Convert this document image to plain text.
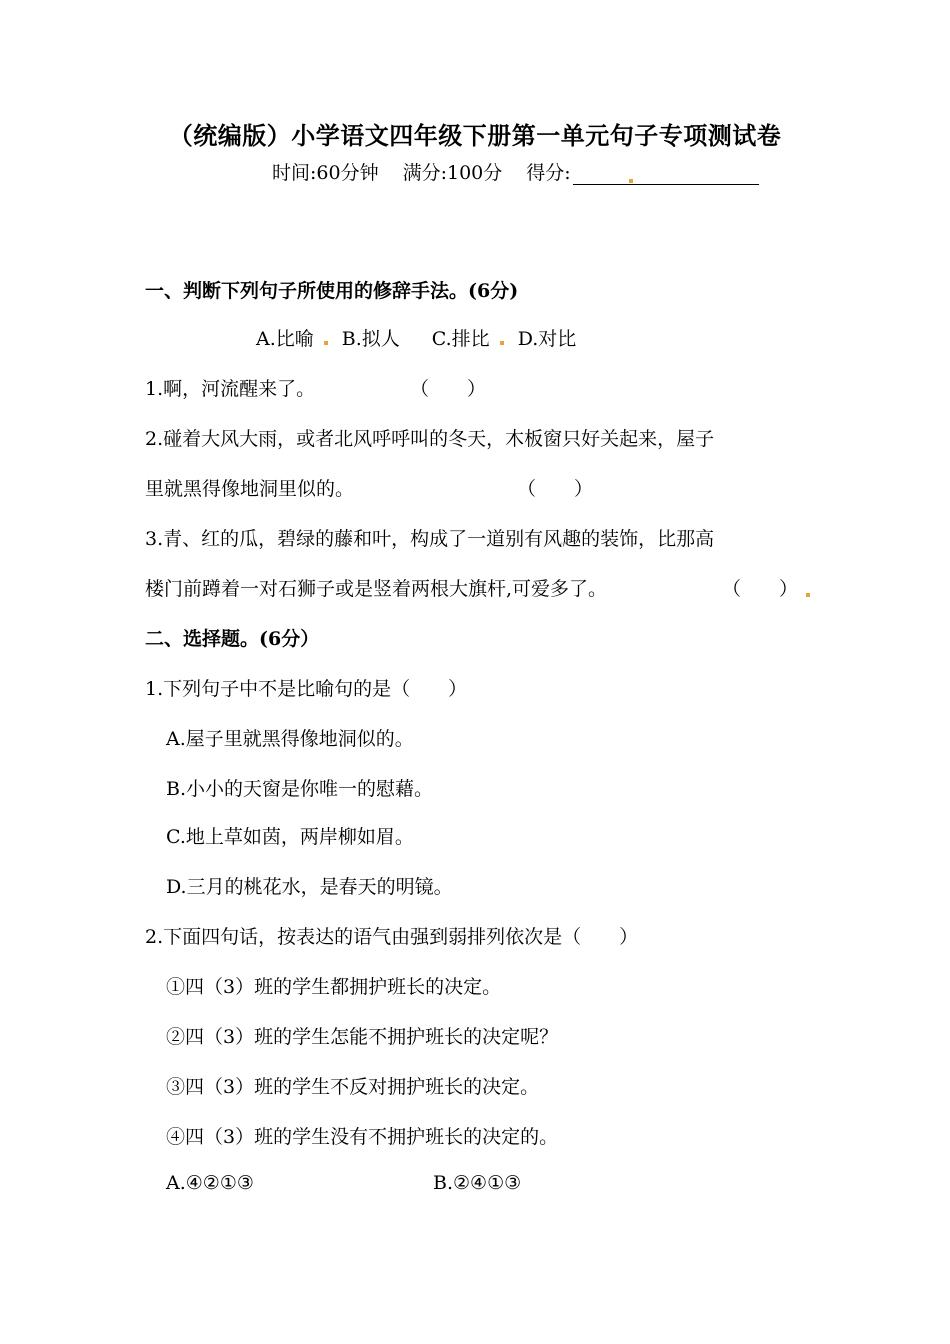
（统编版）小学语文四年级下册第一单元句子专项测试卷
时间:60分钟 满分:100分 得分:
一、判断下列句子所使用的修辞手法。(6分)
A.比喻 B.拟人 C.排比 D.对比
1.啊，河流醒来了。	（　　）
2.碰着大风大雨，或者北风呼呼叫的冬天，木板窗只好关起来，屋子
里就黑得像地洞里似的。	（　　）
3.青、红的瓜，碧绿的藤和叶，构成了一道别有风趣的装饰，比那高
楼门前蹲着一对石狮子或是竖着两根大旗杆,可爱多了。	（　　）
二、选择题。(6分）
1.下列句子中不是比喻句的是（　　）
A.屋子里就黑得像地洞似的。
B.小小的天窗是你唯一的慰藉。
C.地上草如茵，两岸柳如眉。
D.三月的桃花水，是春天的明镜。
2.下面四句话，按表达的语气由强到弱排列依次是（　　）
①四（3）班的学生都拥护班长的决定。
②四（3）班的学生怎能不拥护班长的决定呢？
③四（3）班的学生不反对拥护班长的决定。
④四（3）班的学生没有不拥护班长的决定的。
A.④②①③	B.②④①③
